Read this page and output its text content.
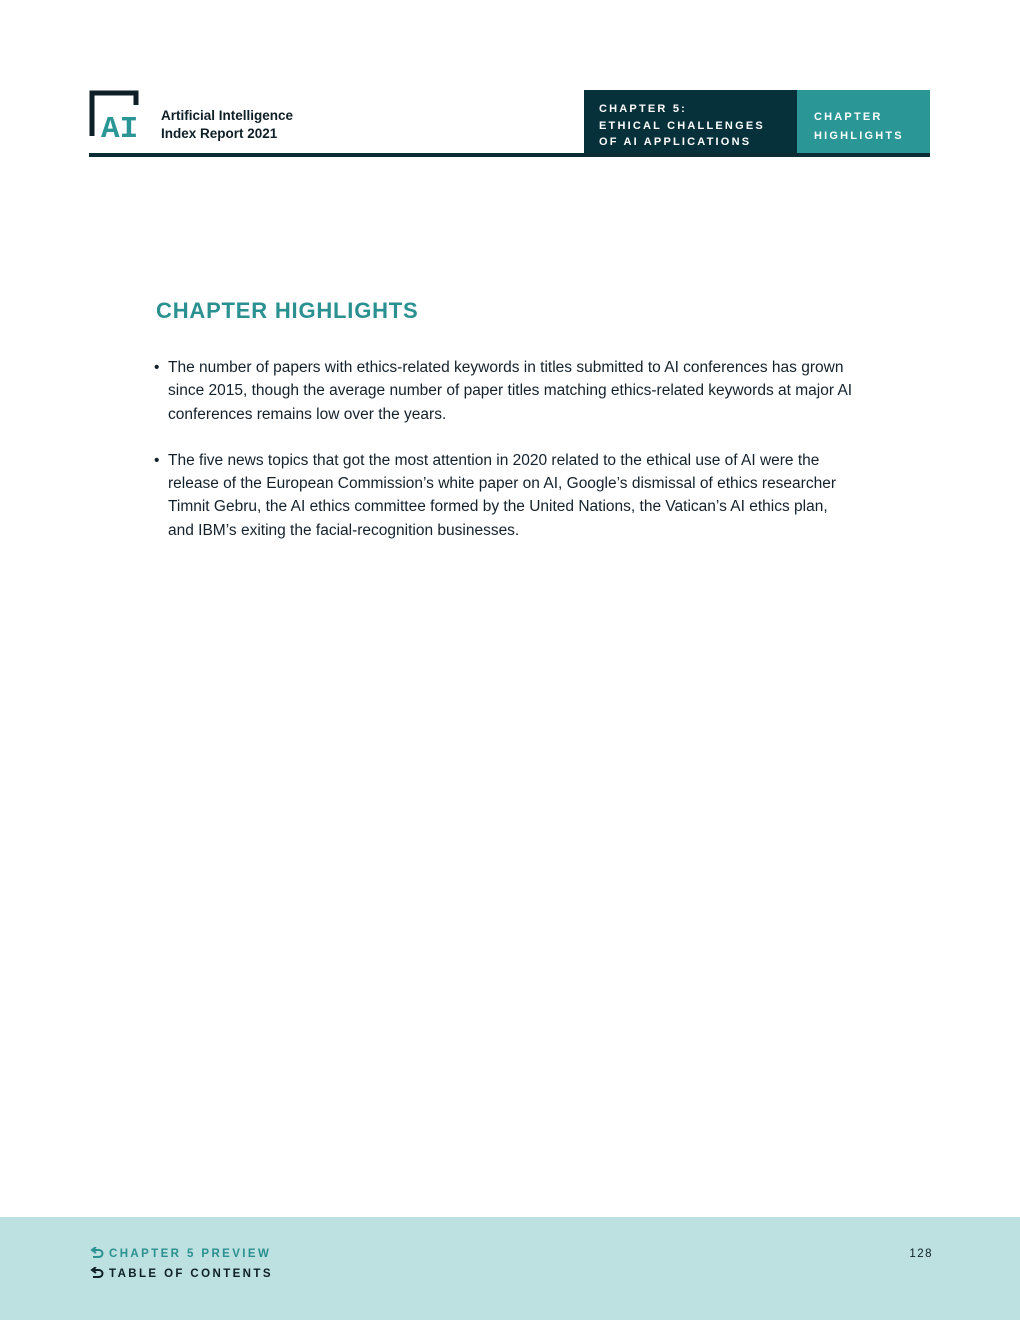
AI Artificial Intelligence
Index Report 2021
CHAPTER 5:
ETHICAL CHALLENGES
OF AI APPLICATIONS
CHAPTER
HIGHLIGHTS
CHAPTER HIGHLIGHTS
• The number of papers with ethics-related keywords in titles submitted to AI conferences has grown since 2015, though the average number of paper titles matching ethics-related keywords at major AI conferences remains low over the years.
• The five news topics that got the most attention in 2020 related to the ethical use of AI were the release of the European Commission’s white paper on AI, Google’s dismissal of ethics researcher Timnit Gebru, the AI ethics committee formed by the United Nations, the Vatican’s AI ethics plan, and IBM’s exiting the facial-recognition businesses.
CHAPTER 5 PREVIEW
TABLE OF CONTENTS
128
